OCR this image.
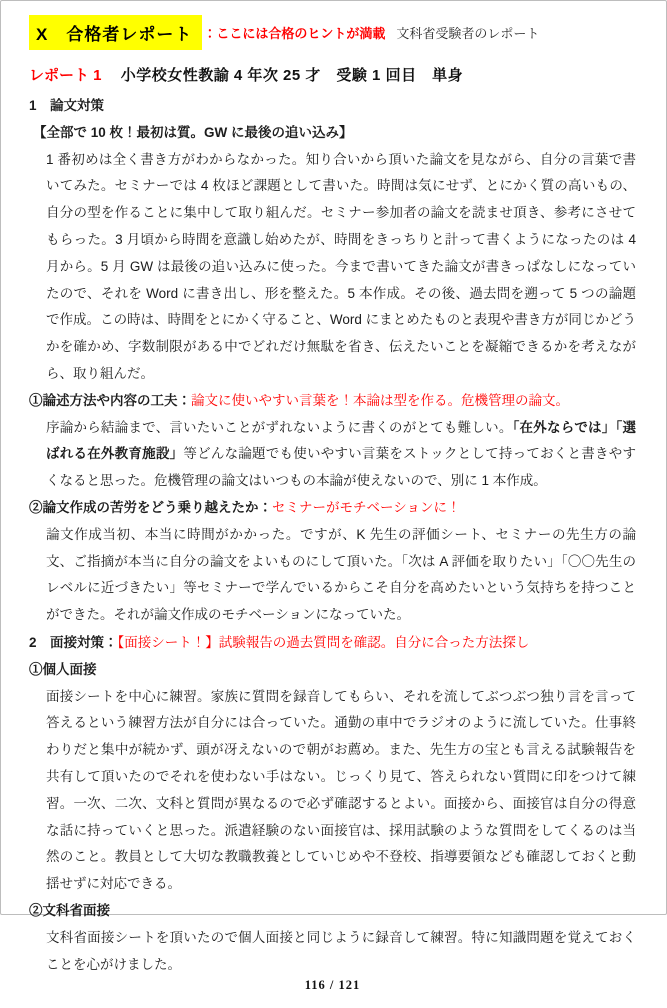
X　合格者レポート ：ここには合格のヒントが満載 文科省受験者のレポート
レポート 1 小学校女性教諭 4 年次 25 才　受験 1 回目　単身
1　論文対策
【全部で 10 枚！最初は質。GW に最後の追い込み】
1 番初めは全く書き方がわからなかった。知り合いから頂いた論文を見ながら、自分の言葉で書いてみた。セミナーでは 4 枚ほど課題として書いた。時間は気にせず、とにかく質の高いもの、自分の型を作ることに集中して取り組んだ。セミナー参加者の論文を読ませ頂き、参考にさせてもらった。3 月頃から時間を意識し始めたが、時間をきっちりと計って書くようになったのは 4 月から。5 月 GW は最後の追い込みに使った。今まで書いてきた論文が書きっぱなしになっていたので、それを Word に書き出し、形を整えた。5 本作成。その後、過去問を遡って 5 つの論題で作成。この時は、時間をとにかく守ること、Word にまとめたものと表現や書き方が同じかどうかを確かめ、字数制限がある中でどれだけ無駄を省き、伝えたいことを凝縮できるかを考えながら、取り組んだ。
①論述方法や内容の工夫：論文に使いやすい言葉を！本論は型を作る。危機管理の論文。
序論から結論まで、言いたいことがずれないように書くのがとても難しい。「在外ならでは」「選ばれる在外教育施設」等どんな論題でも使いやすい言葉をストックとして持っておくと書きやすくなると思った。危機管理の論文はいつもの本論が使えないので、別に 1 本作成。
②論文作成の苦労をどう乗り越えたか：セミナーがモチベーションに！
論文作成当初、本当に時間がかかった。ですが、K 先生の評価シート、セミナーの先生方の論文、ご指摘が本当に自分の論文をよいものにして頂いた。「次は A 評価を取りたい」「〇〇先生のレベルに近づきたい」等セミナーで学んでいるからこそ自分を高めたいという気持ちを持つことができた。それが論文作成のモチベーションになっていた。
2　面接対策：【面接シート！】試験報告の過去質問を確認。自分に合った方法探し
①個人面接
面接シートを中心に練習。家族に質問を録音してもらい、それを流してぶつぶつ独り言を言って答えるという練習方法が自分には合っていた。通勤の車中でラジオのように流していた。仕事終わりだと集中が続かず、頭が冴えないので朝がお薦め。また、先生方の宝とも言える試験報告を共有して頂いたのでそれを使わない手はない。じっくり見て、答えられない質問に印をつけて練習。一次、二次、文科と質問が異なるので必ず確認するとよい。面接から、面接官は自分の得意な話に持っていくと思った。派遣経験のない面接官は、採用試験のような質問をしてくるのは当然のこと。教員として大切な教職教養としていじめや不登校、指導要領なども確認しておくと動揺せずに対応できる。
②文科省面接
文科省面接シートを頂いたので個人面接と同じように録音して練習。特に知識問題を覚えておくことを心がけました。
116 / 121
